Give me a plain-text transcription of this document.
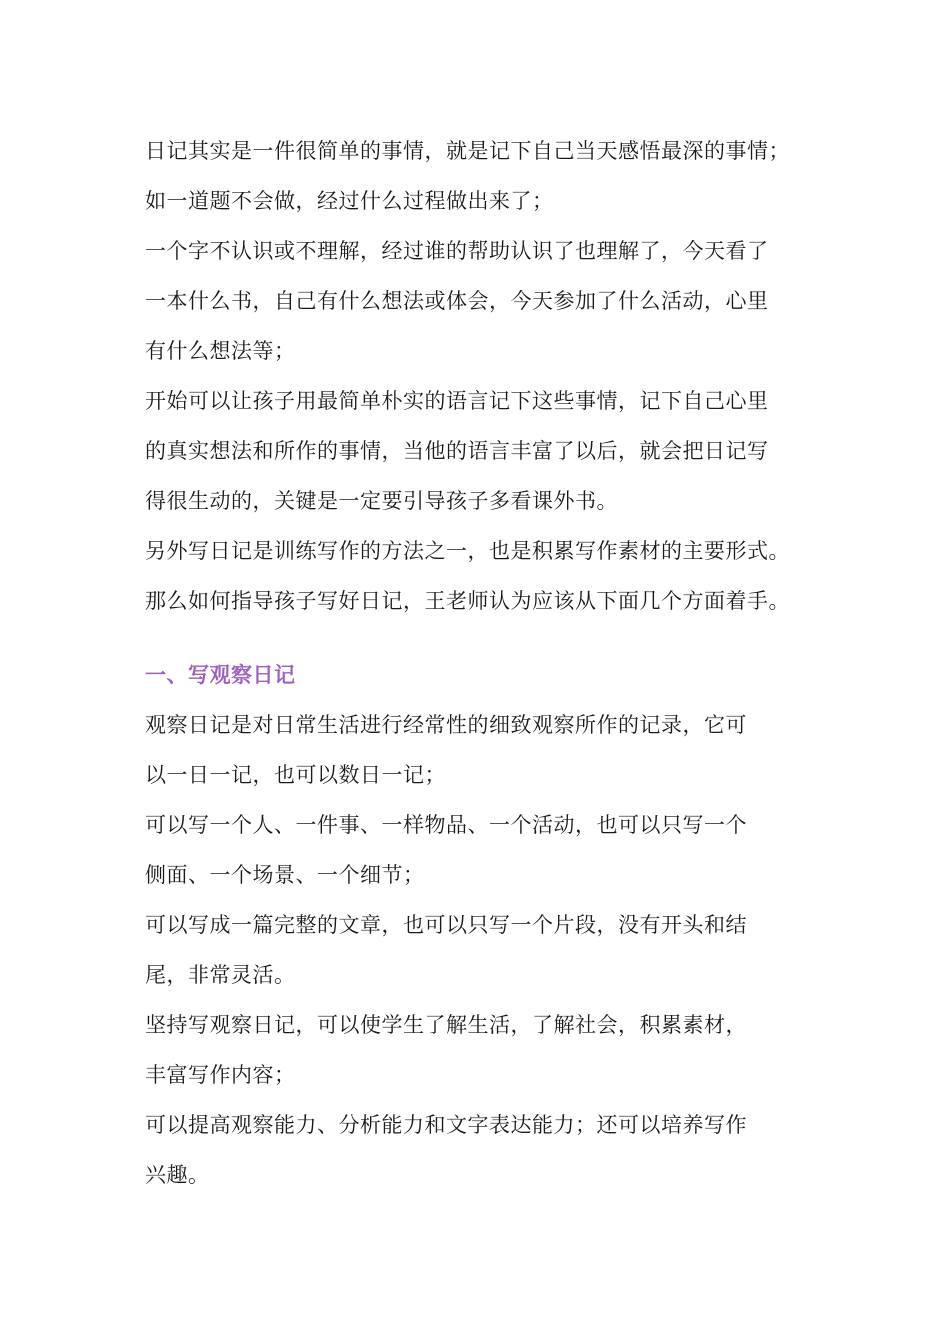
日记其实是一件很简单的事情，就是记下自己当天感悟最深的事情；

如一道题不会做，经过什么过程做出来了；

一个字不认识或不理解，经过谁的帮助认识了也理解了，今天看了

一本什么书，自己有什么想法或体会，今天参加了什么活动，心里

有什么想法等；

开始可以让孩子用最简单朴实的语言记下这些事情，记下自己心里

的真实想法和所作的事情，当他的语言丰富了以后，就会把日记写

得很生动的，关键是一定要引导孩子多看课外书。

另外写日记是训练写作的方法之一，也是积累写作素材的主要形式。

那么如何指导孩子写好日记，王老师认为应该从下面几个方面着手。

一、写观察日记

观察日记是对日常生活进行经常性的细致观察所作的记录，它可

以一日一记，也可以数日一记；

可以写一个人、一件事、一样物品、一个活动，也可以只写一个

侧面、一个场景、一个细节；

可以写成一篇完整的文章，也可以只写一个片段，没有开头和结

尾，非常灵活。

坚持写观察日记，可以使学生了解生活，了解社会，积累素材，

丰富写作内容；

可以提高观察能力、分析能力和文字表达能力；还可以培养写作

兴趣。
